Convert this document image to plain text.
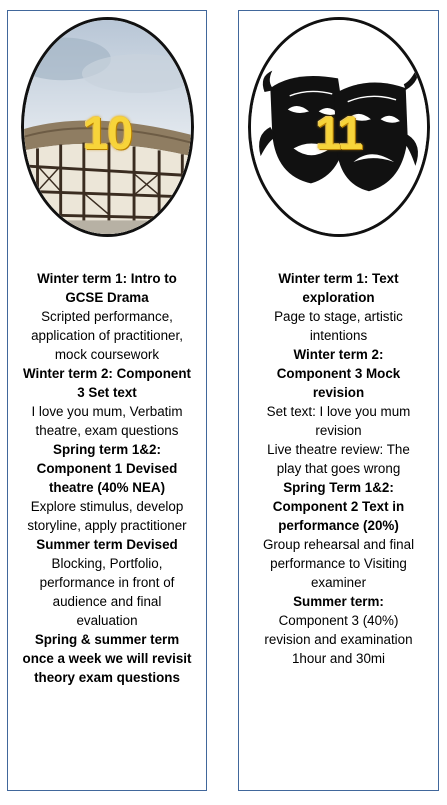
10
Winter term 1: Intro to GCSE Drama
Scripted performance, application of practitioner, mock coursework
Winter term 2: Component 3 Set text
I love you mum, Verbatim theatre, exam questions
Spring term 1&2: Component 1 Devised theatre (40% NEA)
Explore stimulus, develop storyline, apply practitioner
Summer term Devised
Blocking, Portfolio, performance in front of audience and final evaluation
Spring & summer term once a week we will revisit theory exam questions
11
Winter term 1: Text exploration
Page to stage, artistic intentions
Winter term 2: Component 3 Mock revision
Set text: I love you mum revision
Live theatre review: The play that goes wrong
Spring Term 1&2: Component 2 Text in performance (20%)
Group rehearsal and final performance to Visiting examiner
Summer term:
Component 3 (40%) revision and examination 1hour and 30mi
